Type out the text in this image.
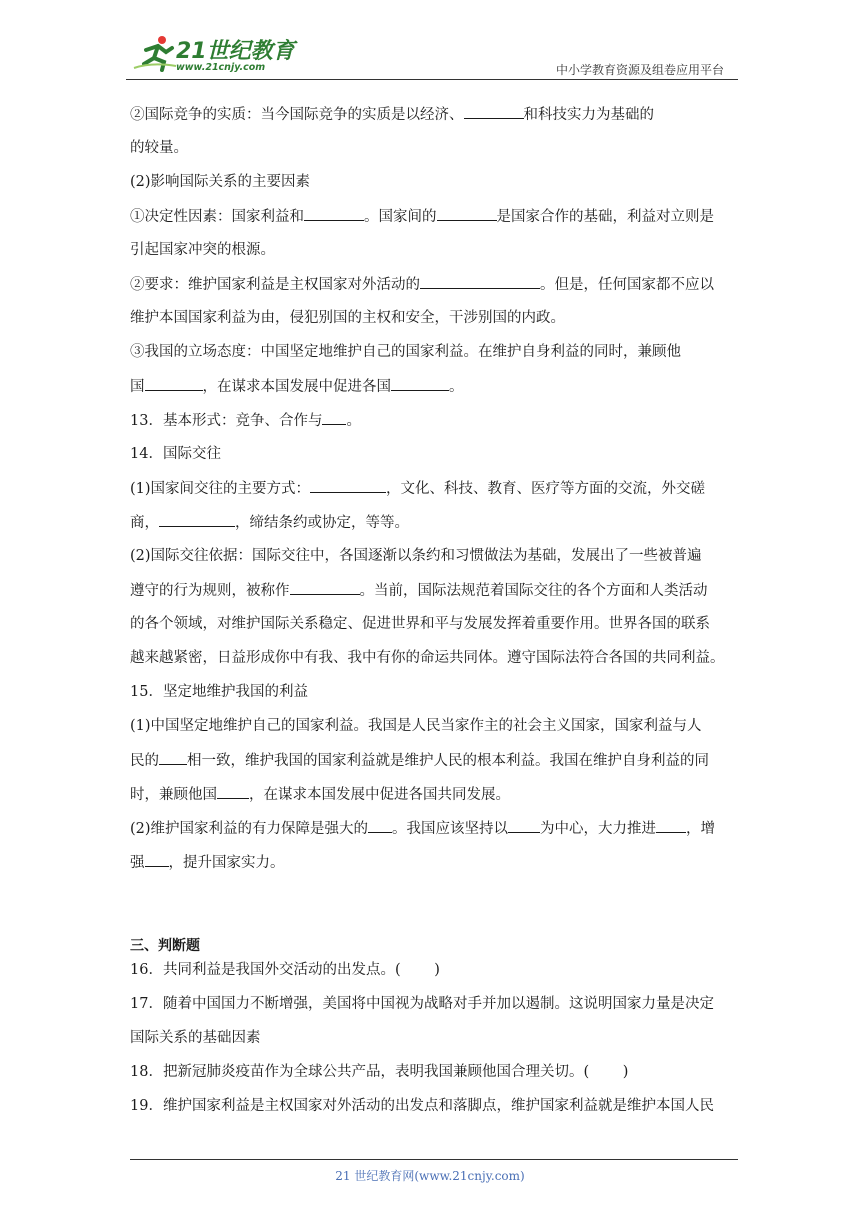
21世纪教育
www.21cnjy.com	中小学教育资源及组卷应用平台
②国际竞争的实质：当今国际竞争的实质是以经济、	和科技实力为基础的
的较量。
(2)影响国际关系的主要因素
①决定性因素：国家利益和	。国家间的	是国家合作的基础，利益对立则是
引起国家冲突的根源。
②要求：维护国家利益是主权国家对外活动的	。但是，任何国家都不应以
维护本国国家利益为由，侵犯别国的主权和安全，干涉别国的内政。
③我国的立场态度：中国坚定地维护自己的国家利益。在维护自身利益的同时，兼顾他
国	，在谋求本国发展中促进各国	。
13．基本形式：竞争、合作与 。
14．国际交往
(1)国家间交往的主要方式：	，文化、科技、教育、医疗等方面的交流，外交磋
商，	，缔结条约或协定，等等。
(2)国际交往依据：国际交往中，各国逐渐以条约和习惯做法为基础，发展出了一些被普遍
遵守的行为规则，被称作	。当前，国际法规范着国际交往的各个方面和人类活动
的各个领域，对维护国际关系稳定、促进世界和平与发展发挥着重要作用。世界各国的联系
越来越紧密，日益形成你中有我、我中有你的命运共同体。遵守国际法符合各国的共同利益。
15．坚定地维护我国的利益
(1)中国坚定地维护自己的国家利益。我国是人民当家作主的社会主义国家，国家利益与人
民的 相一致，维护我国的国家利益就是维护人民的根本利益。我国在维护自身利益的同
时，兼顾他国 ，在谋求本国发展中促进各国共同发展。
(2)维护国家利益的有力保障是强大的 。我国应该坚持以 为中心，大力推进 ，增
强 ，提升国家实力。
三、判断题
16．共同利益是我国外交活动的出发点。(　　 )
17．随着中国国力不断增强，美国将中国视为战略对手并加以遏制。这说明国家力量是决定
国际关系的基础因素
18．把新冠肺炎疫苗作为全球公共产品，表明我国兼顾他国合理关切。(　　 )
19．维护国家利益是主权国家对外活动的出发点和落脚点，维护国家利益就是维护本国人民
21 世纪教育网(www.21cnjy.com)
